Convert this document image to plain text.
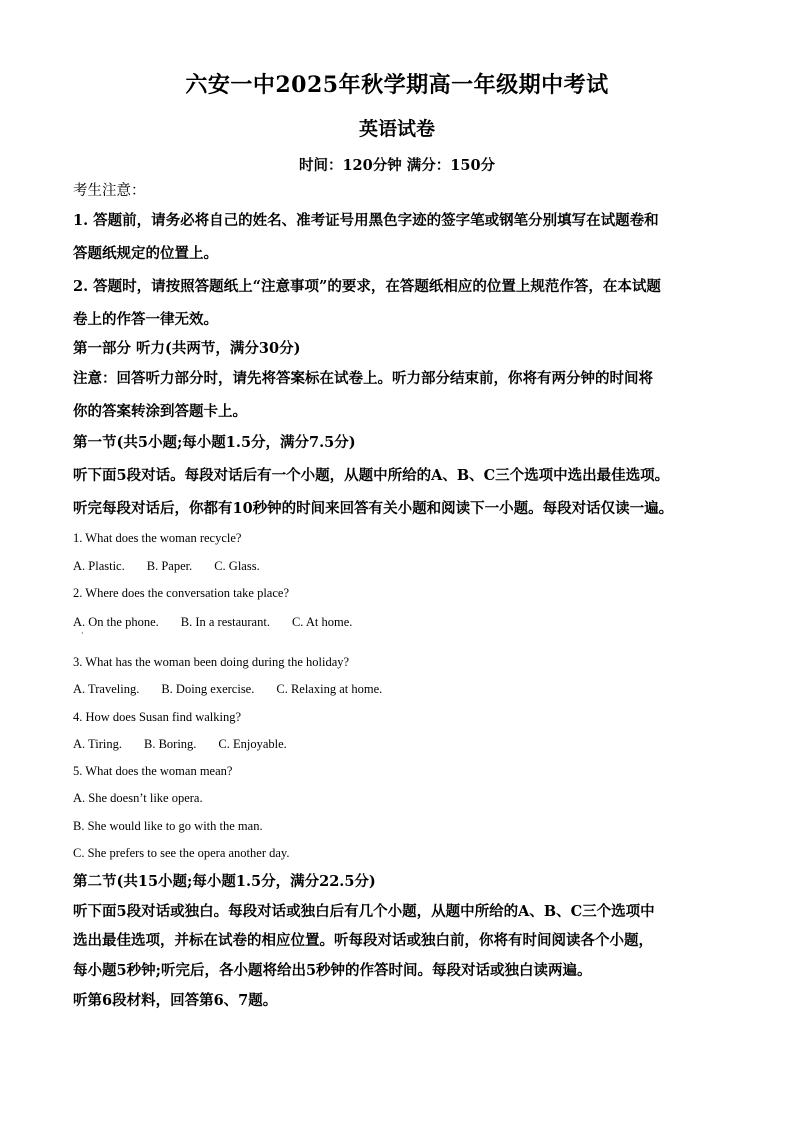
六安一中2025年秋学期高一年级期中考试
英语试卷
时间：120分钟 满分：150分
考生注意：
1. 答题前，请务必将自己的姓名、准考证号用黑色字迹的签字笔或钢笔分别填写在试题卷和
答题纸规定的位置上。
2. 答题时，请按照答题纸上“注意事项”的要求，在答题纸相应的位置上规范作答，在本试题
卷上的作答一律无效。
第一部分 听力(共两节，满分30分)
注意：回答听力部分时，请先将答案标在试卷上。听力部分结束前，你将有两分钟的时间将
你的答案转涂到答题卡上。
第一节(共5小题;每小题1.5分，满分7.5分)
听下面5段对话。每段对话后有一个小题，从题中所给的A、B、C三个选项中选出最佳选项。
听完每段对话后，你都有10秒钟的时间来回答有关小题和阅读下一小题。每段对话仅读一遍。
1. What does the woman recycle?
A. Plastic. B. Paper. C. Glass.
2. Where does the conversation take place?
A. On the phone. B. In a restaurant. C. At home.
·
3. What has the woman been doing during the holiday?
A. Traveling. B. Doing exercise. C. Relaxing at home.
4. How does Susan find walking?
A. Tiring. B. Boring. C. Enjoyable.
5. What does the woman mean?
A. She doesn’t like opera.
B. She would like to go with the man.
C. She prefers to see the opera another day.
第二节(共15小题;每小题1.5分，满分22.5分)
听下面5段对话或独白。每段对话或独白后有几个小题，从题中所给的A、B、C三个选项中
选出最佳选项，并标在试卷的相应位置。听每段对话或独白前，你将有时间阅读各个小题，
每小题5秒钟;听完后，各小题将给出5秒钟的作答时间。每段对话或独白读两遍。
听第6段材料，回答第6、7题。
